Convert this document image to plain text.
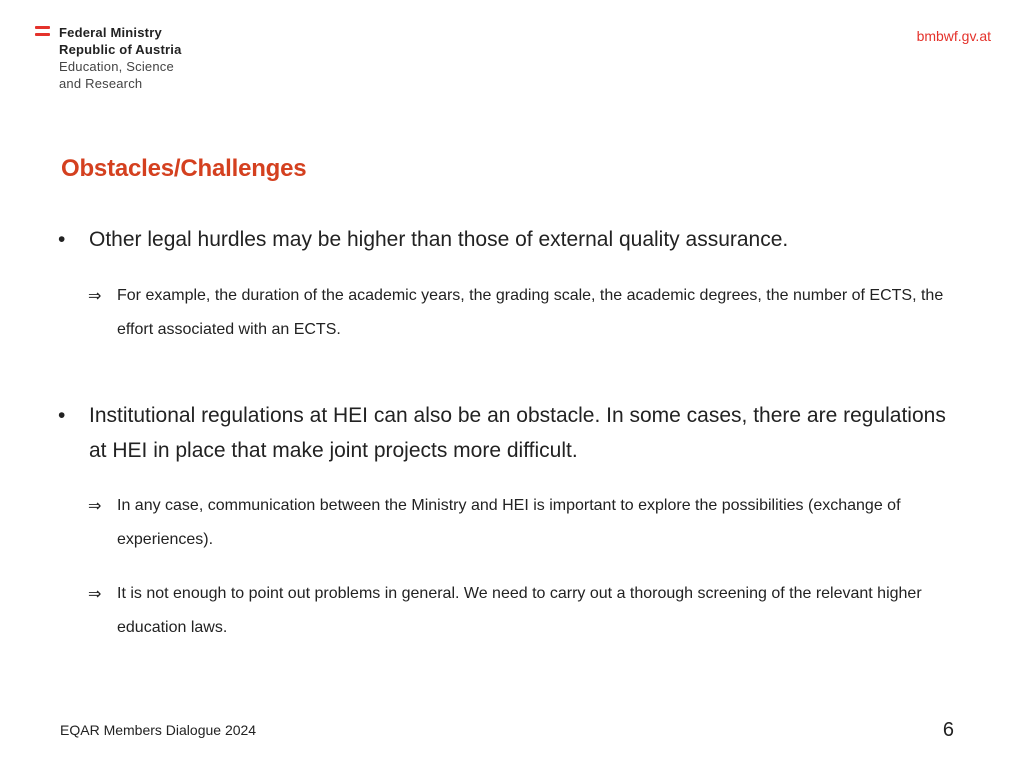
Federal Ministry
Republic of Austria
Education, Science
and Research
bmbwf.gv.at
Obstacles/Challenges
•	Other legal hurdles may be higher than those of external quality assurance.
⇒ For example, the duration of the academic years, the grading scale, the academic degrees, the number of ECTS, the effort associated with an ECTS.
•	Institutional regulations at HEI can also be an obstacle. In some cases, there are regulations at HEI in place that make joint projects more difficult.
⇒ In any case, communication between the Ministry and HEI is important to explore the possibilities (exchange of experiences).
⇒ It is not enough to point out problems in general. We need to carry out a thorough screening of the relevant higher education laws.
EQAR Members Dialogue 2024	6
